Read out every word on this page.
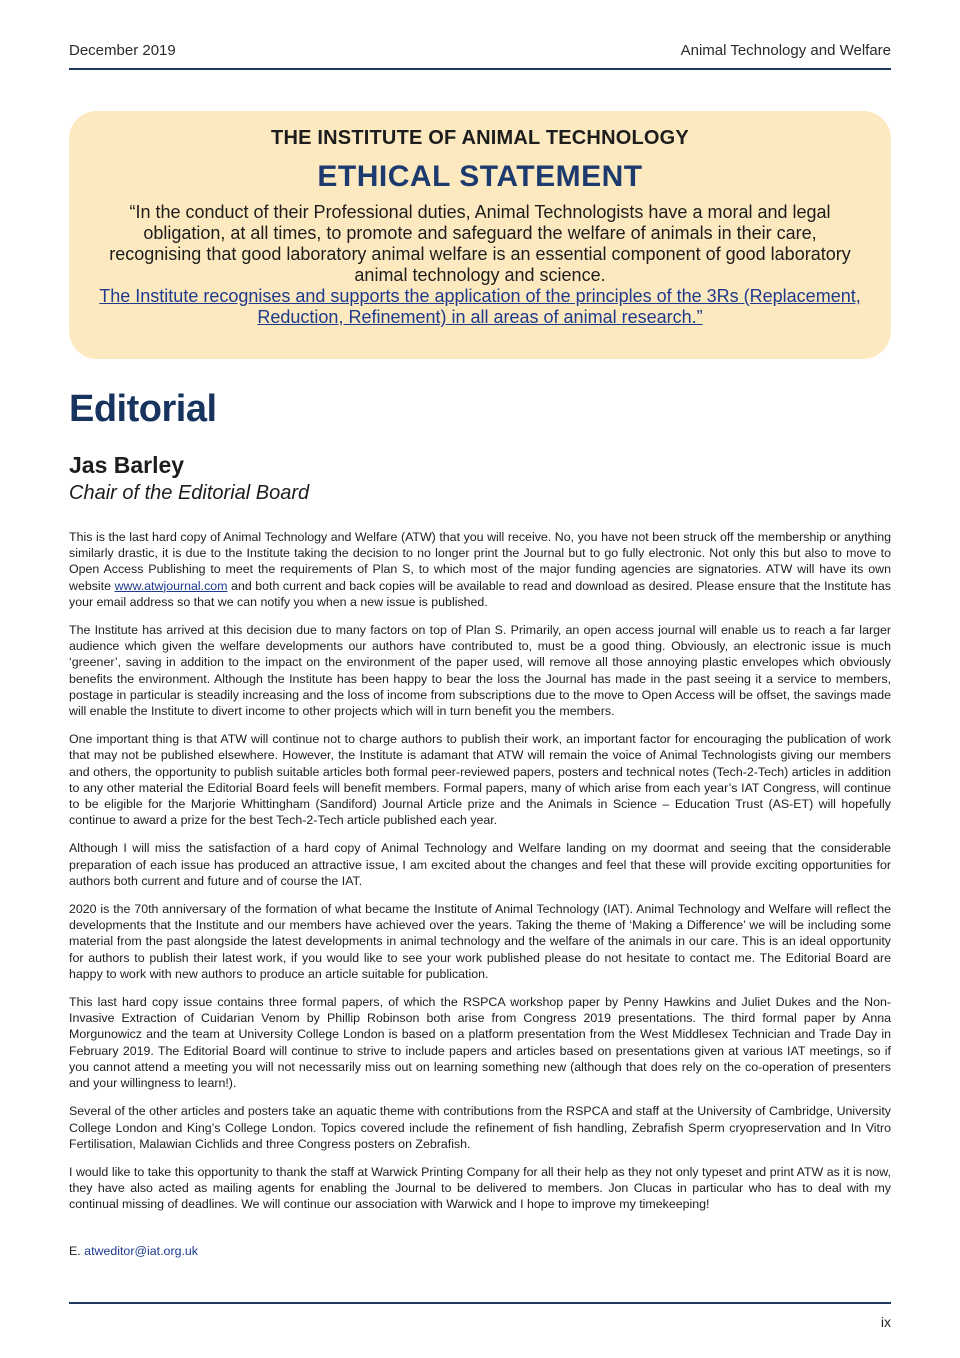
December 2019	Animal Technology and Welfare
THE INSTITUTE OF ANIMAL TECHNOLOGY
ETHICAL STATEMENT
“In the conduct of their Professional duties, Animal Technologists have a moral and legal obligation, at all times, to promote and safeguard the welfare of animals in their care, recognising that good laboratory animal welfare is an essential component of good laboratory animal technology and science.
The Institute recognises and supports the application of the principles of the 3Rs (Replacement, Reduction, Refinement) in all areas of animal research.”
Editorial
Jas Barley
Chair of the Editorial Board

This is the last hard copy of Animal Technology and Welfare (ATW) that you will receive. No, you have not been struck off the membership or anything similarly drastic, it is due to the Institute taking the decision to no longer print the Journal but to go fully electronic. Not only this but also to move to Open Access Publishing to meet the requirements of Plan S, to which most of the major funding agencies are signatories. ATW will have its own website www.atwjournal.com and both current and back copies will be available to read and download as desired. Please ensure that the Institute has your email address so that we can notify you when a new issue is published.

The Institute has arrived at this decision due to many factors on top of Plan S. Primarily, an open access journal will enable us to reach a far larger audience which given the welfare developments our authors have contributed to, must be a good thing. Obviously, an electronic issue is much ‘greener’, saving in addition to the impact on the environment of the paper used, will remove all those annoying plastic envelopes which obviously benefits the environment. Although the Institute has been happy to bear the loss the Journal has made in the past seeing it a service to members, postage in particular is steadily increasing and the loss of income from subscriptions due to the move to Open Access will be offset, the savings made will enable the Institute to divert income to other projects which will in turn benefit you the members.

One important thing is that ATW will continue not to charge authors to publish their work, an important factor for encouraging the publication of work that may not be published elsewhere. However, the Institute is adamant that ATW will remain the voice of Animal Technologists giving our members and others, the opportunity to publish suitable articles both formal peer-reviewed papers, posters and technical notes (Tech-2-Tech) articles in addition to any other material the Editorial Board feels will benefit members. Formal papers, many of which arise from each year’s IAT Congress, will continue to be eligible for the Marjorie Whittingham (Sandiford) Journal Article prize and the Animals in Science – Education Trust (AS-ET) will hopefully continue to award a prize for the best Tech-2-Tech article published each year.

Although I will miss the satisfaction of a hard copy of Animal Technology and Welfare landing on my doormat and seeing that the considerable preparation of each issue has produced an attractive issue, I am excited about the changes and feel that these will provide exciting opportunities for authors both current and future and of course the IAT.

2020 is the 70th anniversary of the formation of what became the Institute of Animal Technology (IAT). Animal Technology and Welfare will reflect the developments that the Institute and our members have achieved over the years. Taking the theme of ‘Making a Difference’ we will be including some material from the past alongside the latest developments in animal technology and the welfare of the animals in our care. This is an ideal opportunity for authors to publish their latest work, if you would like to see your work published please do not hesitate to contact me. The Editorial Board are happy to work with new authors to produce an article suitable for publication.

This last hard copy issue contains three formal papers, of which the RSPCA workshop paper by Penny Hawkins and Juliet Dukes and the Non-Invasive Extraction of Cuidarian Venom by Phillip Robinson both arise from Congress 2019 presentations. The third formal paper by Anna Morgunowicz and the team at University College London is based on a platform presentation from the West Middlesex Technician and Trade Day in February 2019. The Editorial Board will continue to strive to include papers and articles based on presentations given at various IAT meetings, so if you cannot attend a meeting you will not necessarily miss out on learning something new (although that does rely on the co-operation of presenters and your willingness to learn!).

Several of the other articles and posters take an aquatic theme with contributions from the RSPCA and staff at the University of Cambridge, University College London and King’s College London. Topics covered include the refinement of fish handling, Zebrafish Sperm cryopreservation and In Vitro Fertilisation, Malawian Cichlids and three Congress posters on Zebrafish.

I would like to take this opportunity to thank the staff at Warwick Printing Company for all their help as they not only typeset and print ATW as it is now, they have also acted as mailing agents for enabling the Journal to be delivered to members. Jon Clucas in particular who has to deal with my continual missing of deadlines. We will continue our association with Warwick and I hope to improve my timekeeping!

E. atweditor@iat.org.uk
ix
